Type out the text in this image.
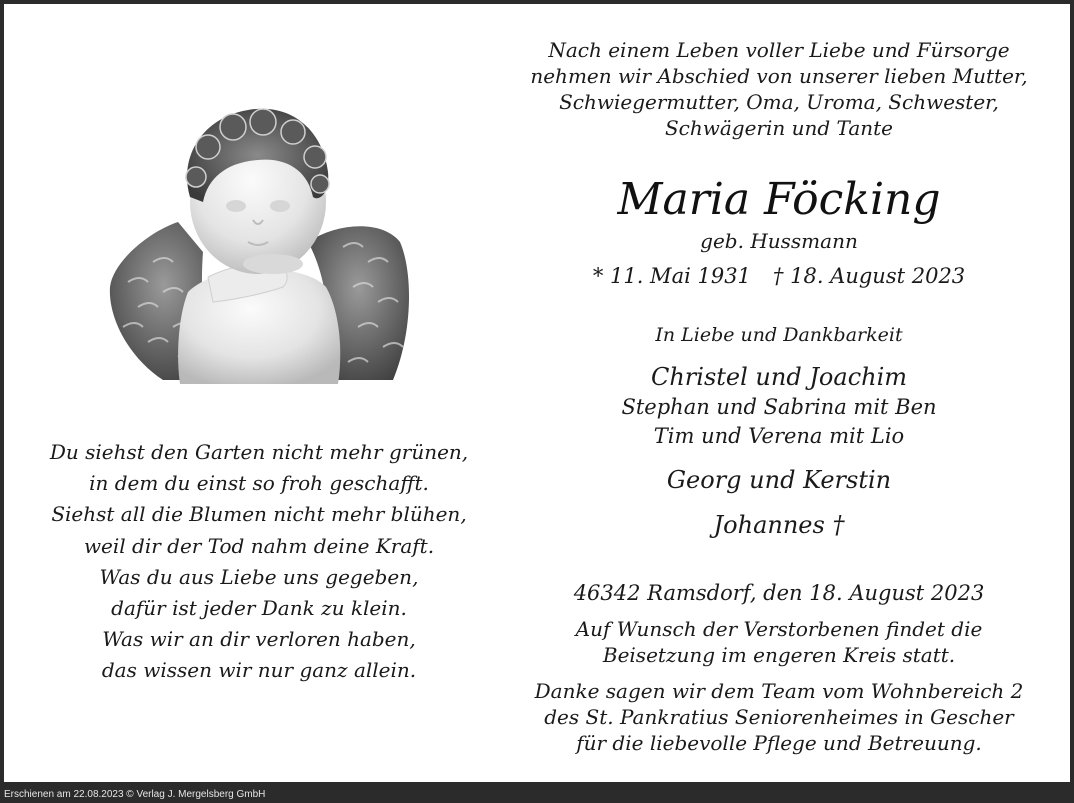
Nach einem Leben voller Liebe und Fürsorge
nehmen wir Abschied von unserer lieben Mutter,
Schwiegermutter, Oma, Uroma, Schwester,
Schwägerin und Tante
Maria Föcking
geb. Hussmann
* 11. Mai 1931 † 18. August 2023
In Liebe und Dankbarkeit
Christel und Joachim
Stephan und Sabrina mit Ben
Tim und Verena mit Lio
Georg und Kerstin
Johannes †
46342 Ramsdorf, den 18. August 2023
Auf Wunsch der Verstorbenen findet die
Beisetzung im engeren Kreis statt.
Danke sagen wir dem Team vom Wohnbereich 2
des St. Pankratius Seniorenheimes in Gescher
für die liebevolle Pflege und Betreuung.
Du siehst den Garten nicht mehr grünen,
in dem du einst so froh geschafft.
Siehst all die Blumen nicht mehr blühen,
weil dir der Tod nahm deine Kraft.
Was du aus Liebe uns gegeben,
dafür ist jeder Dank zu klein.
Was wir an dir verloren haben,
das wissen wir nur ganz allein.
Erschienen am 22.08.2023 © Verlag J. Mergelsberg GmbH
